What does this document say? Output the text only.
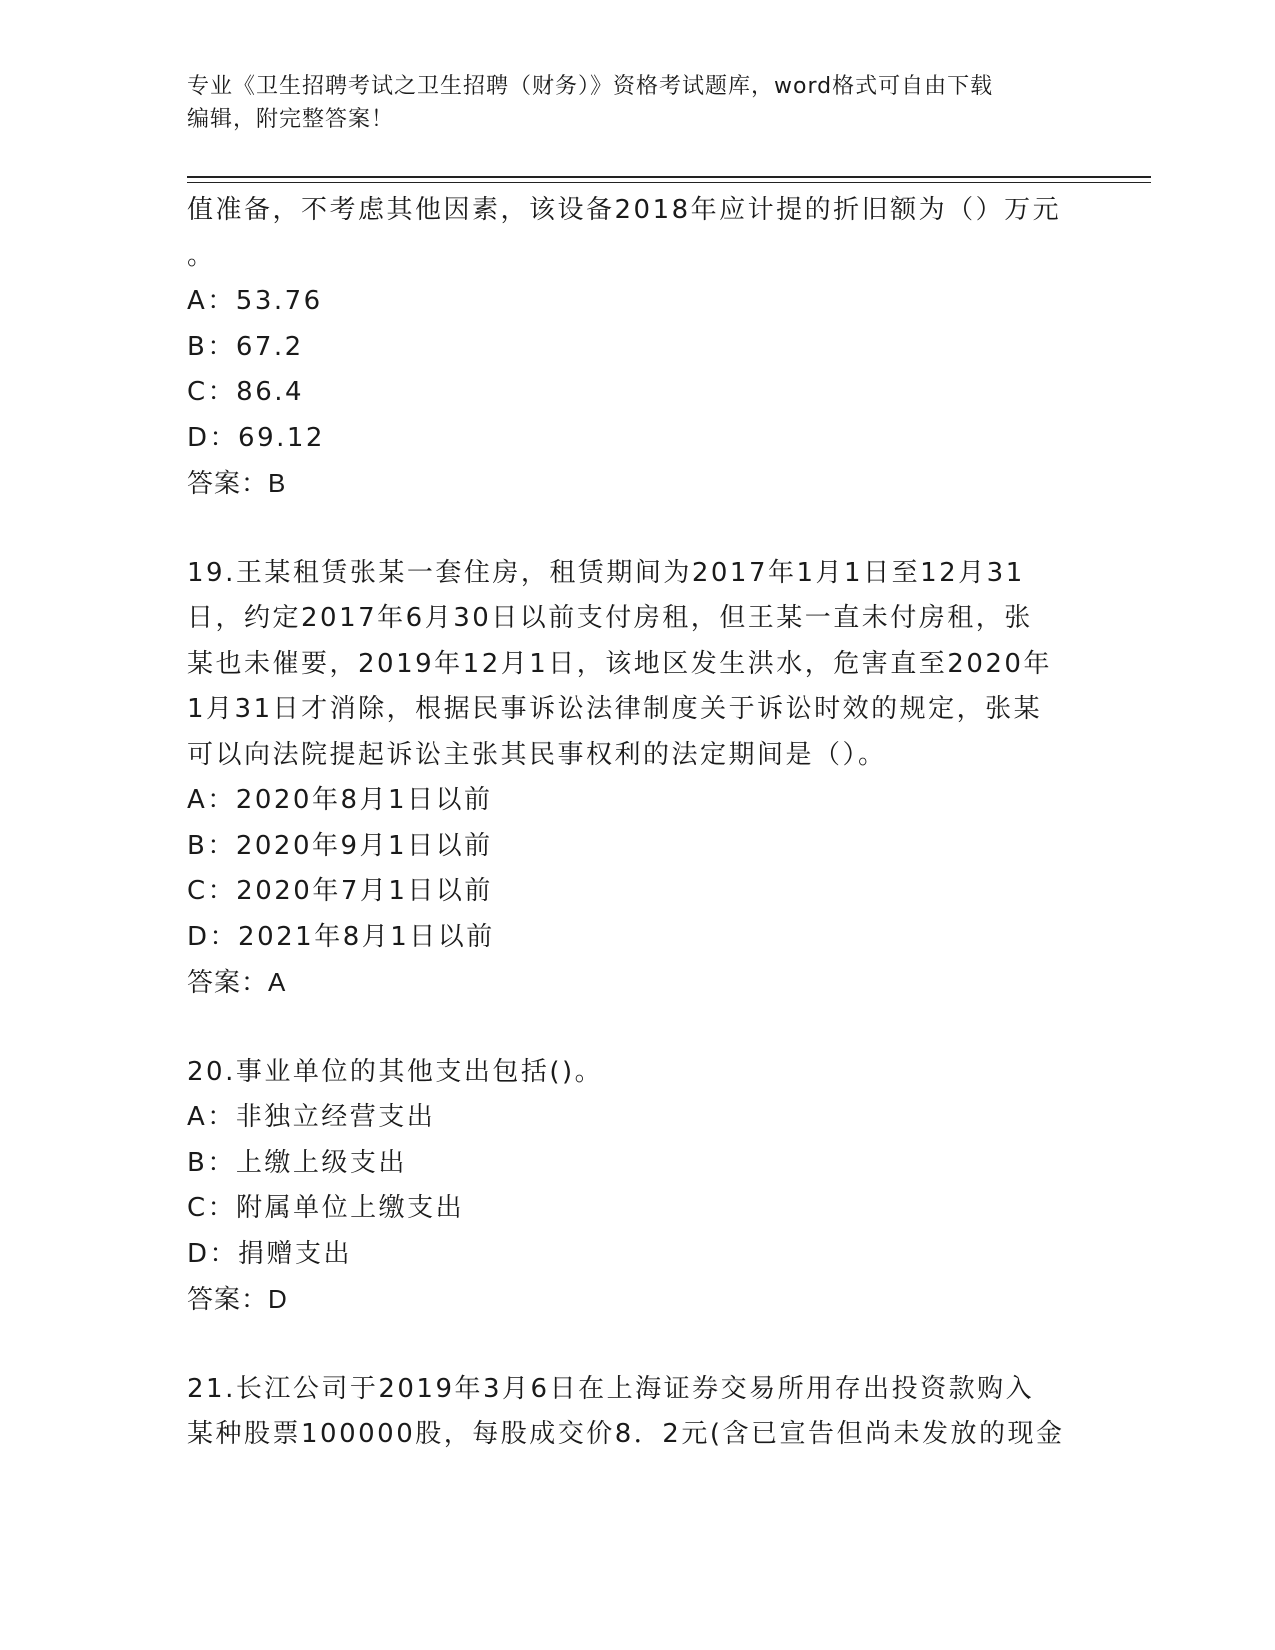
专业《卫生招聘考试之卫生招聘（财务）》资格考试题库，word格式可自由下载
编辑，附完整答案！
值准备，不考虑其他因素，该设备2018年应计提的折旧额为（）万元
。
A：53.76
B：67.2
C：86.4
D：69.12
答案：B
19.王某租赁张某一套住房，租赁期间为2017年1月1日至12月31
日，约定2017年6月30日以前支付房租，但王某一直未付房租，张
某也未催要，2019年12月1日，该地区发生洪水，危害直至2020年
1月31日才消除，根据民事诉讼法律制度关于诉讼时效的规定，张某
可以向法院提起诉讼主张其民事权利的法定期间是（）。
A：2020年8月1日以前
B：2020年9月1日以前
C：2020年7月1日以前
D：2021年8月1日以前
答案：A
20.事业单位的其他支出包括()。
A：非独立经营支出
B：上缴上级支出
C：附属单位上缴支出
D：捐赠支出
答案：D
21.长江公司于2019年3月6日在上海证券交易所用存出投资款购入
某种股票100000股，每股成交价8．2元(含已宣告但尚未发放的现金
